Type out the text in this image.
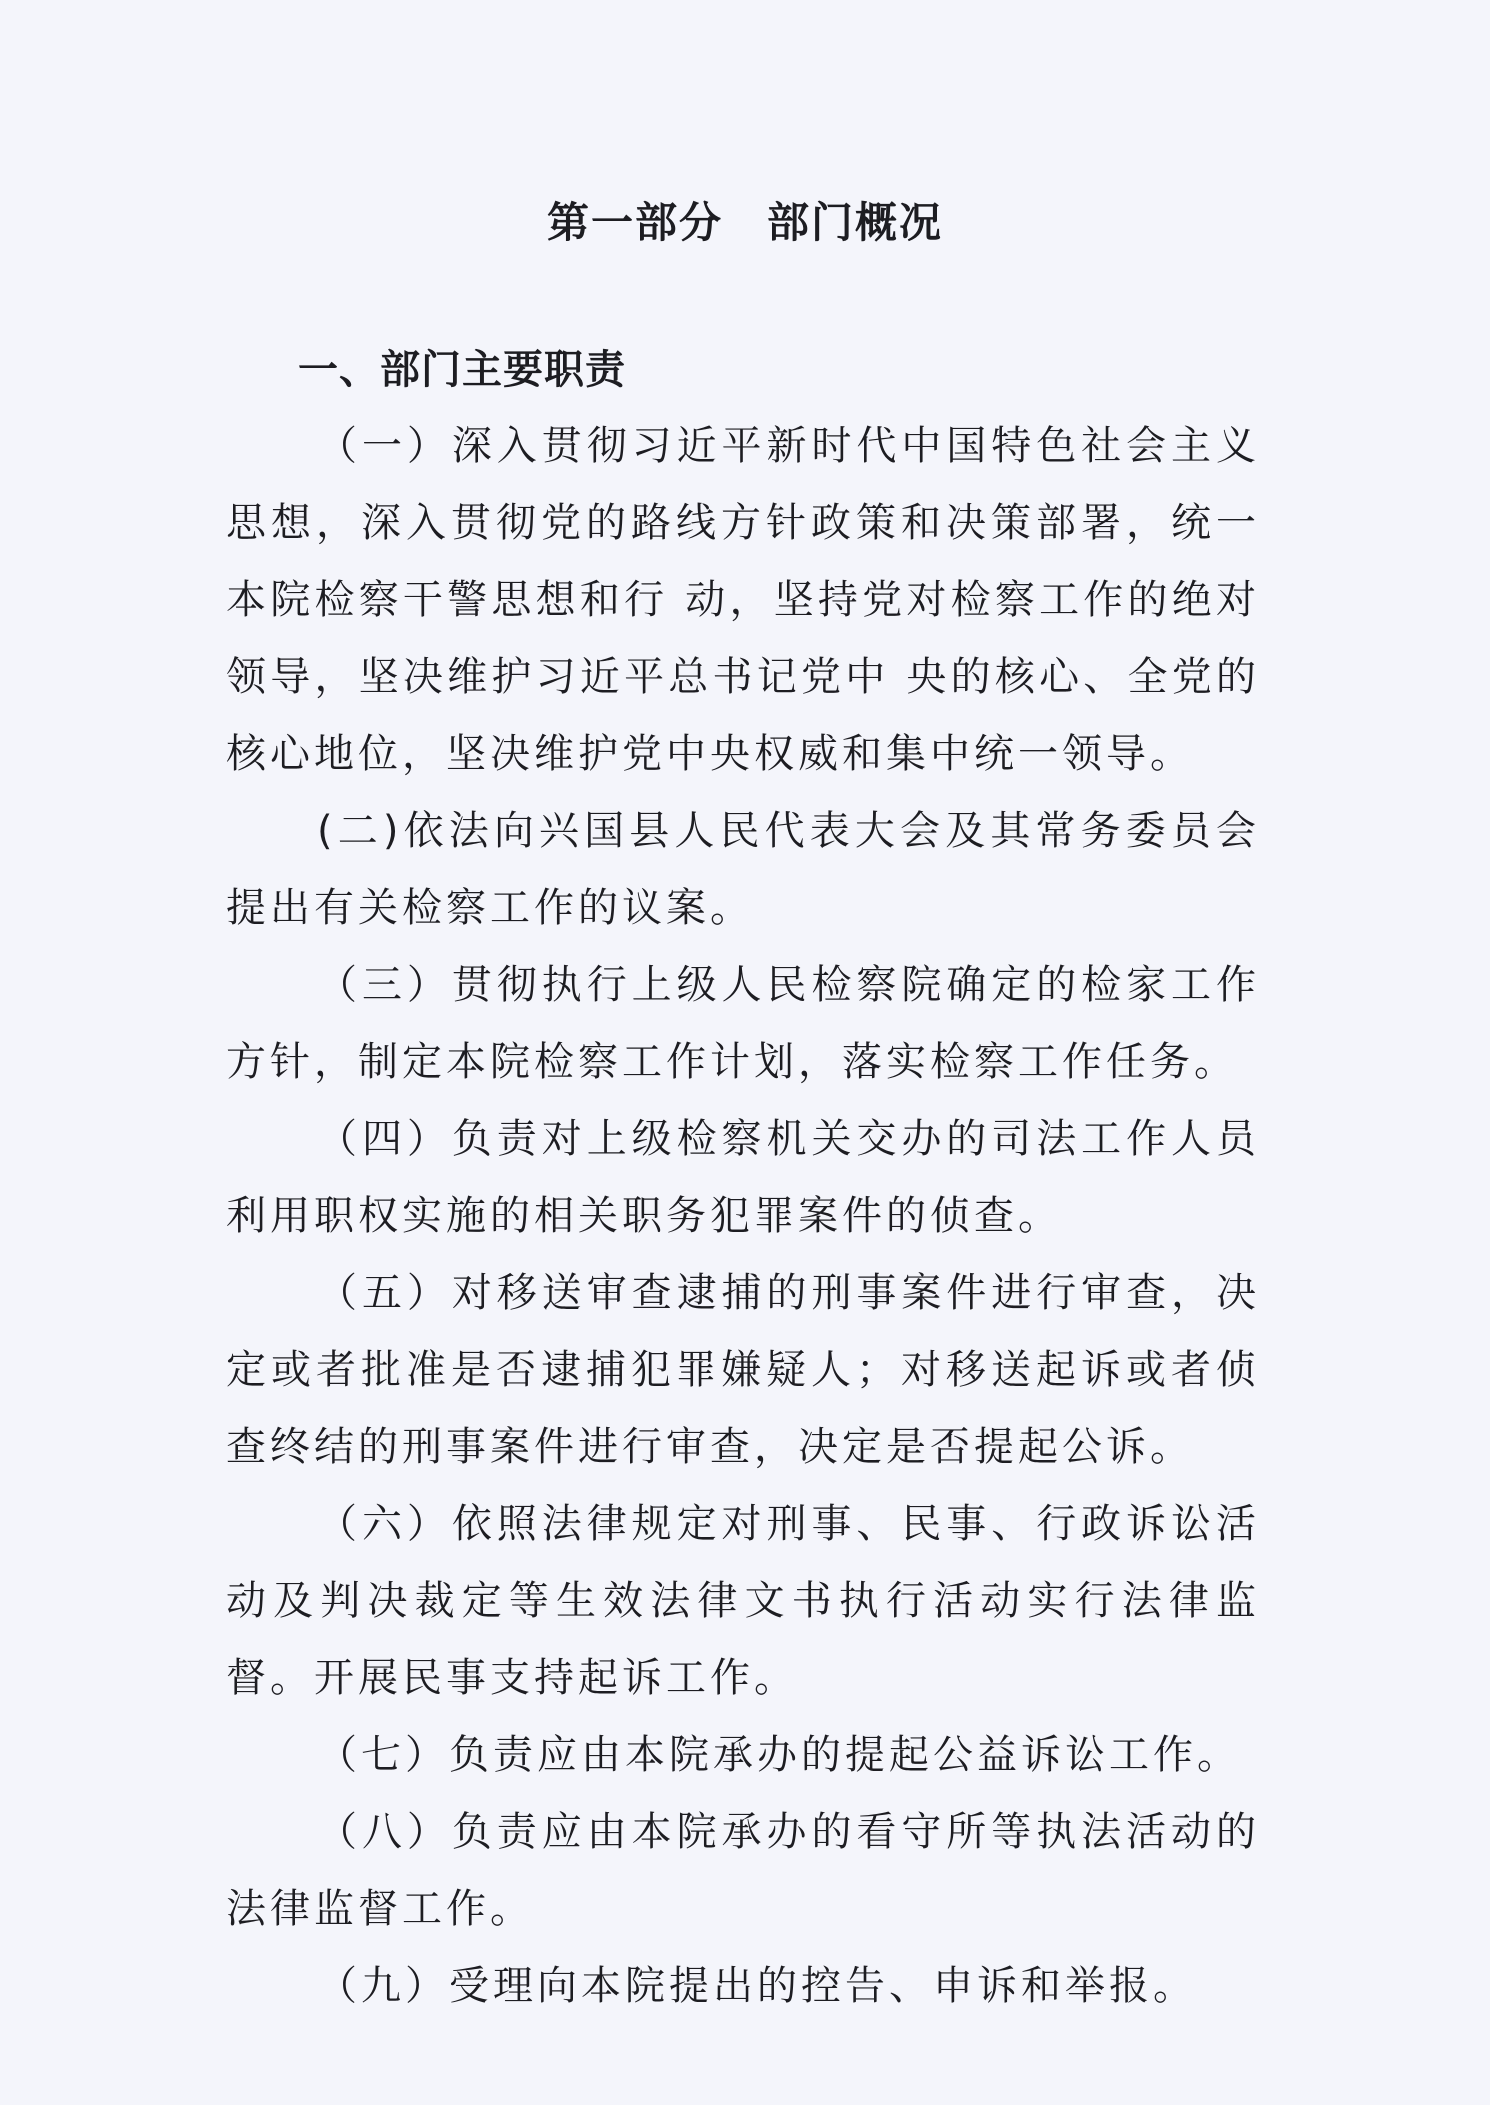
第一部分　部门概况
一、部门主要职责

（一）深入贯彻习近平新时代中国特色社会主义思想，深入贯彻党的路线方针政策和决策部署，统一本院检察干警思想和行 动，坚持党对检察工作的绝对领导，坚决维护习近平总书记党中 央的核心、全党的核心地位，坚决维护党中央权威和集中统一领导。

(二)依法向兴国县人民代表大会及其常务委员会提出有关检察工作的议案。

（三）贯彻执行上级人民检察院确定的检家工作方针，制定本院检察工作计划，落实检察工作任务。

（四）负责对上级检察机关交办的司法工作人员利用职权实施的相关职务犯罪案件的侦查。

（五）对移送审查逮捕的刑事案件进行审查，决定或者批准是否逮捕犯罪嫌疑人；对移送起诉或者侦查终结的刑事案件进行审查，决定是否提起公诉。

（六）依照法律规定对刑事、民事、行政诉讼活动及判决裁定等生效法律文书执行活动实行法律监督。开展民事支持起诉工作。

（七）负责应由本院承办的提起公益诉讼工作。

（八）负责应由本院承办的看守所等执法活动的法律监督工作。

（九）受理向本院提出的控告、申诉和举报。
